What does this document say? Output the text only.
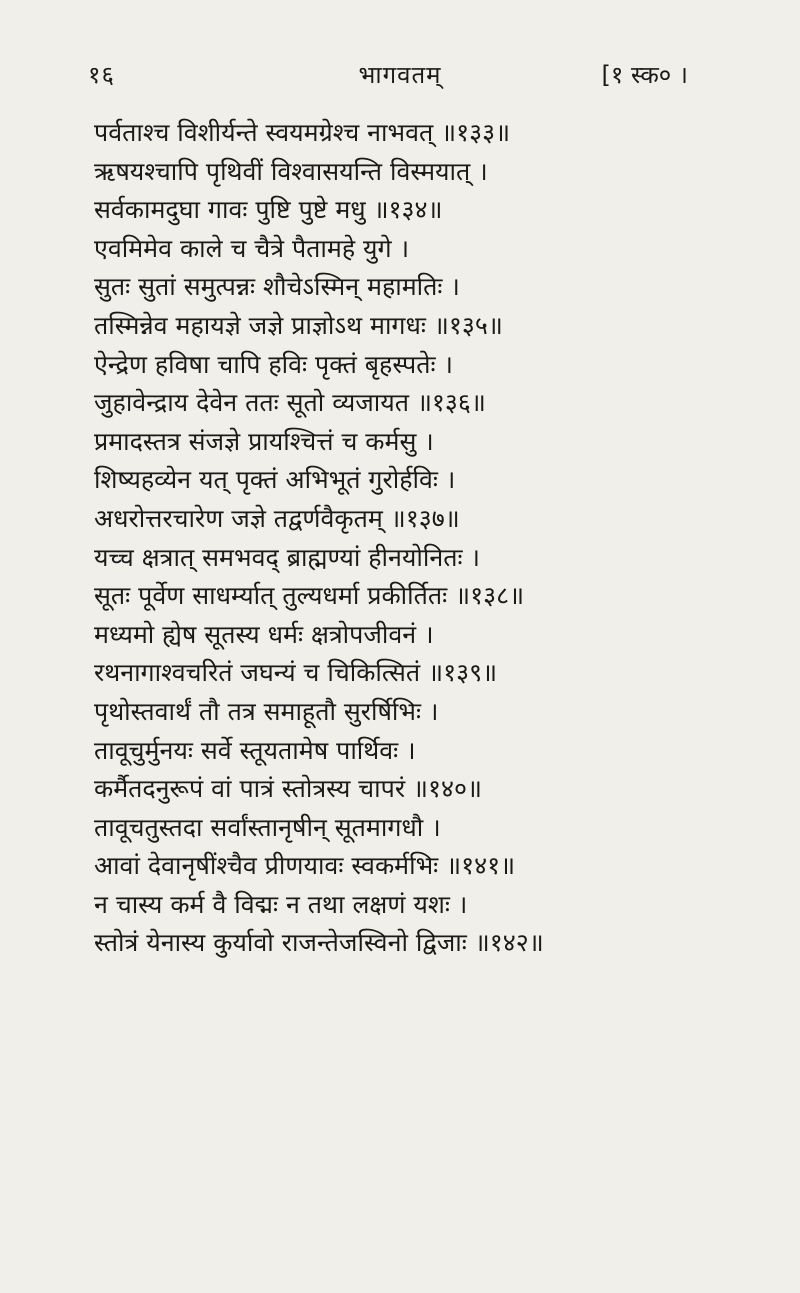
१६	भागवतम्	[१ स्क० ।
पर्वताश्च विशीर्यन्ते स्वयमग्रेश्च नाभवत् ॥१३३॥
ऋषयश्चापि पृथिवीं विश्वासयन्ति विस्मयात् ।
सर्वकामदुघा गावः पुष्टि पुष्टे मधु ॥१३४॥
एवमिमेव काले च चैत्रे पैतामहे युगे ।
सुतः सुतां समुत्पन्नः शौचेऽस्मिन् महामतिः ।
तस्मिन्नेव महायज्ञे जज्ञे प्राज्ञोऽथ मागधः ॥१३५॥
ऐन्द्रेण हविषा चापि हविः पृक्तं बृहस्पतेः ।
जुहावेन्द्राय देवेन ततः सूतो व्यजायत ॥१३६॥
प्रमादस्तत्र संजज्ञे प्रायश्चित्तं च कर्मसु ।
शिष्यहव्येन यत् पृक्तं अभिभूतं गुरोर्हविः ।
अधरोत्तरचारेण जज्ञे तद्वर्णवैकृतम् ॥१३७॥
यच्च क्षत्रात् समभवद् ब्राह्मण्यां हीनयोनितः ।
सूतः पूर्वेण साधर्म्यात् तुल्यधर्मा प्रकीर्तितः ॥१३८॥
मध्यमो ह्येष सूतस्य धर्मः क्षत्रोपजीवनं ।
रथनागाश्वचरितं जघन्यं च चिकित्सितं ॥१३९॥
पृथोस्तवार्थं तौ तत्र समाहूतौ सुरर्षिभिः ।
तावूचुर्मुनयः सर्वे स्तूयतामेष पार्थिवः ।
कर्मैतदनुरूपं वां पात्रं स्तोत्रस्य चापरं ॥१४०॥
तावूचतुस्तदा सर्वांस्तानृषीन् सूतमागधौ ।
आवां देवानृषींश्चैव प्रीणयावः स्वकर्मभिः ॥१४१॥
न चास्य कर्म वै विद्मः न तथा लक्षणं यशः ।
स्तोत्रं येनास्य कुर्यावो राजन्तेजस्विनो द्विजाः ॥१४२॥
